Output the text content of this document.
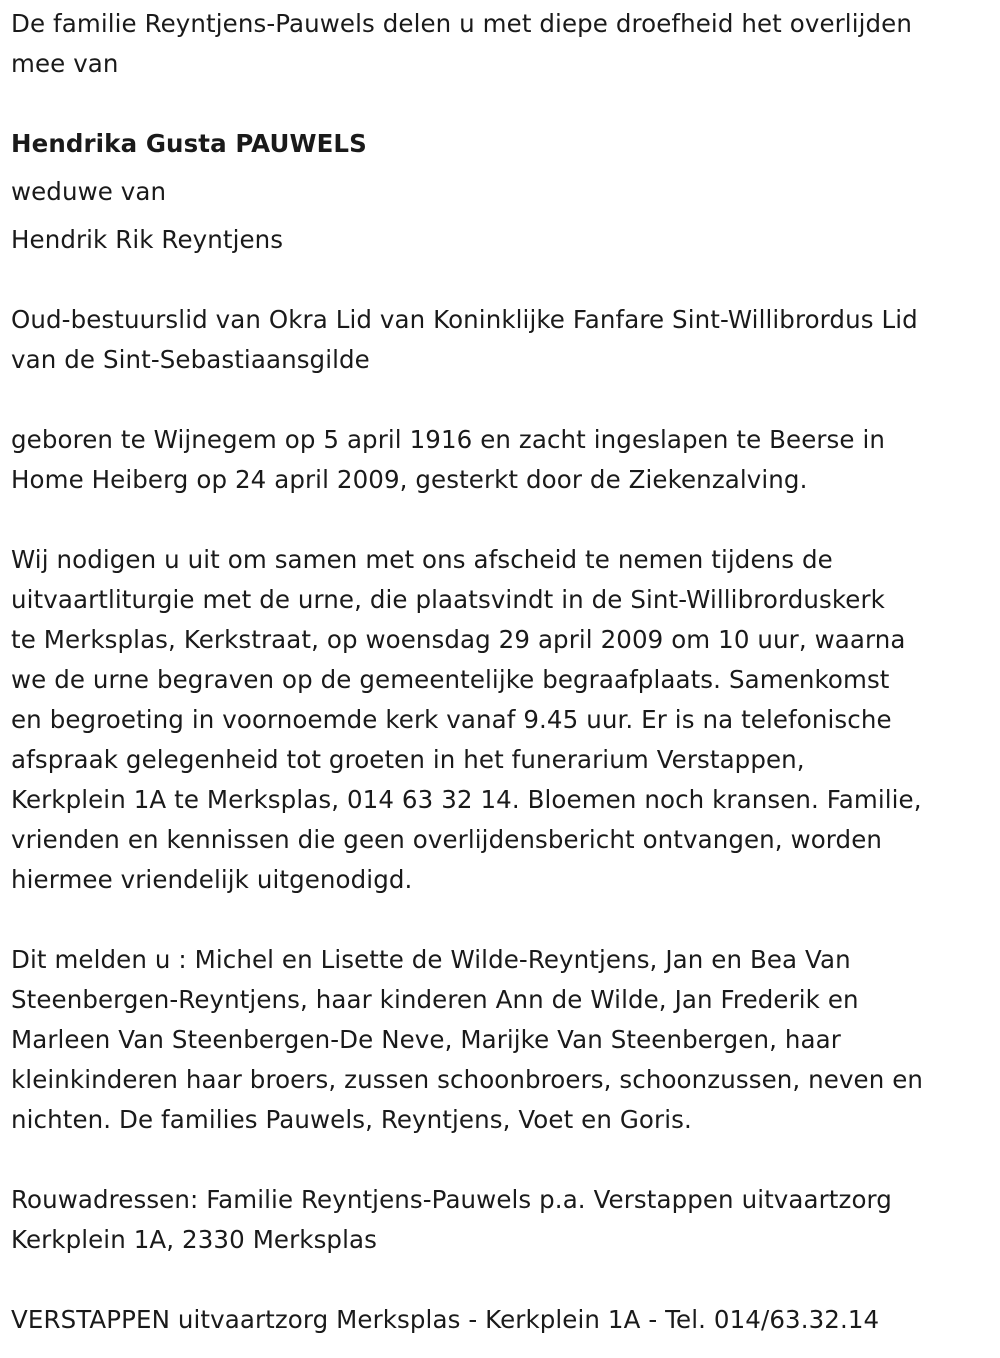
De familie Reyntjens-Pauwels delen u met diepe droefheid het overlijden
mee van
Hendrika Gusta PAUWELS
weduwe van
Hendrik Rik Reyntjens
Oud-bestuurslid van Okra Lid van Koninklijke Fanfare Sint-Willibrordus Lid
van de Sint-Sebastiaansgilde
geboren te Wijnegem op 5 april 1916 en zacht ingeslapen te Beerse in
Home Heiberg op 24 april 2009, gesterkt door de Ziekenzalving.
Wij nodigen u uit om samen met ons afscheid te nemen tijdens de
uitvaartliturgie met de urne, die plaatsvindt in de Sint-Willibrorduskerk
te Merksplas, Kerkstraat, op woensdag 29 april 2009 om 10 uur, waarna
we de urne begraven op de gemeentelijke begraafplaats. Samenkomst
en begroeting in voornoemde kerk vanaf 9.45 uur. Er is na telefonische
afspraak gelegenheid tot groeten in het funerarium Verstappen,
Kerkplein 1A te Merksplas, 014 63 32 14. Bloemen noch kransen. Familie,
vrienden en kennissen die geen overlijdensbericht ontvangen, worden
hiermee vriendelijk uitgenodigd.
Dit melden u : Michel en Lisette de Wilde-Reyntjens, Jan en Bea Van
Steenbergen-Reyntjens, haar kinderen Ann de Wilde, Jan Frederik en
Marleen Van Steenbergen-De Neve, Marijke Van Steenbergen, haar
kleinkinderen haar broers, zussen schoonbroers, schoonzussen, neven en
nichten. De families Pauwels, Reyntjens, Voet en Goris.
Rouwadressen: Familie Reyntjens-Pauwels p.a. Verstappen uitvaartzorg
Kerkplein 1A, 2330 Merksplas
VERSTAPPEN uitvaartzorg Merksplas - Kerkplein 1A - Tel. 014/63.32.14
